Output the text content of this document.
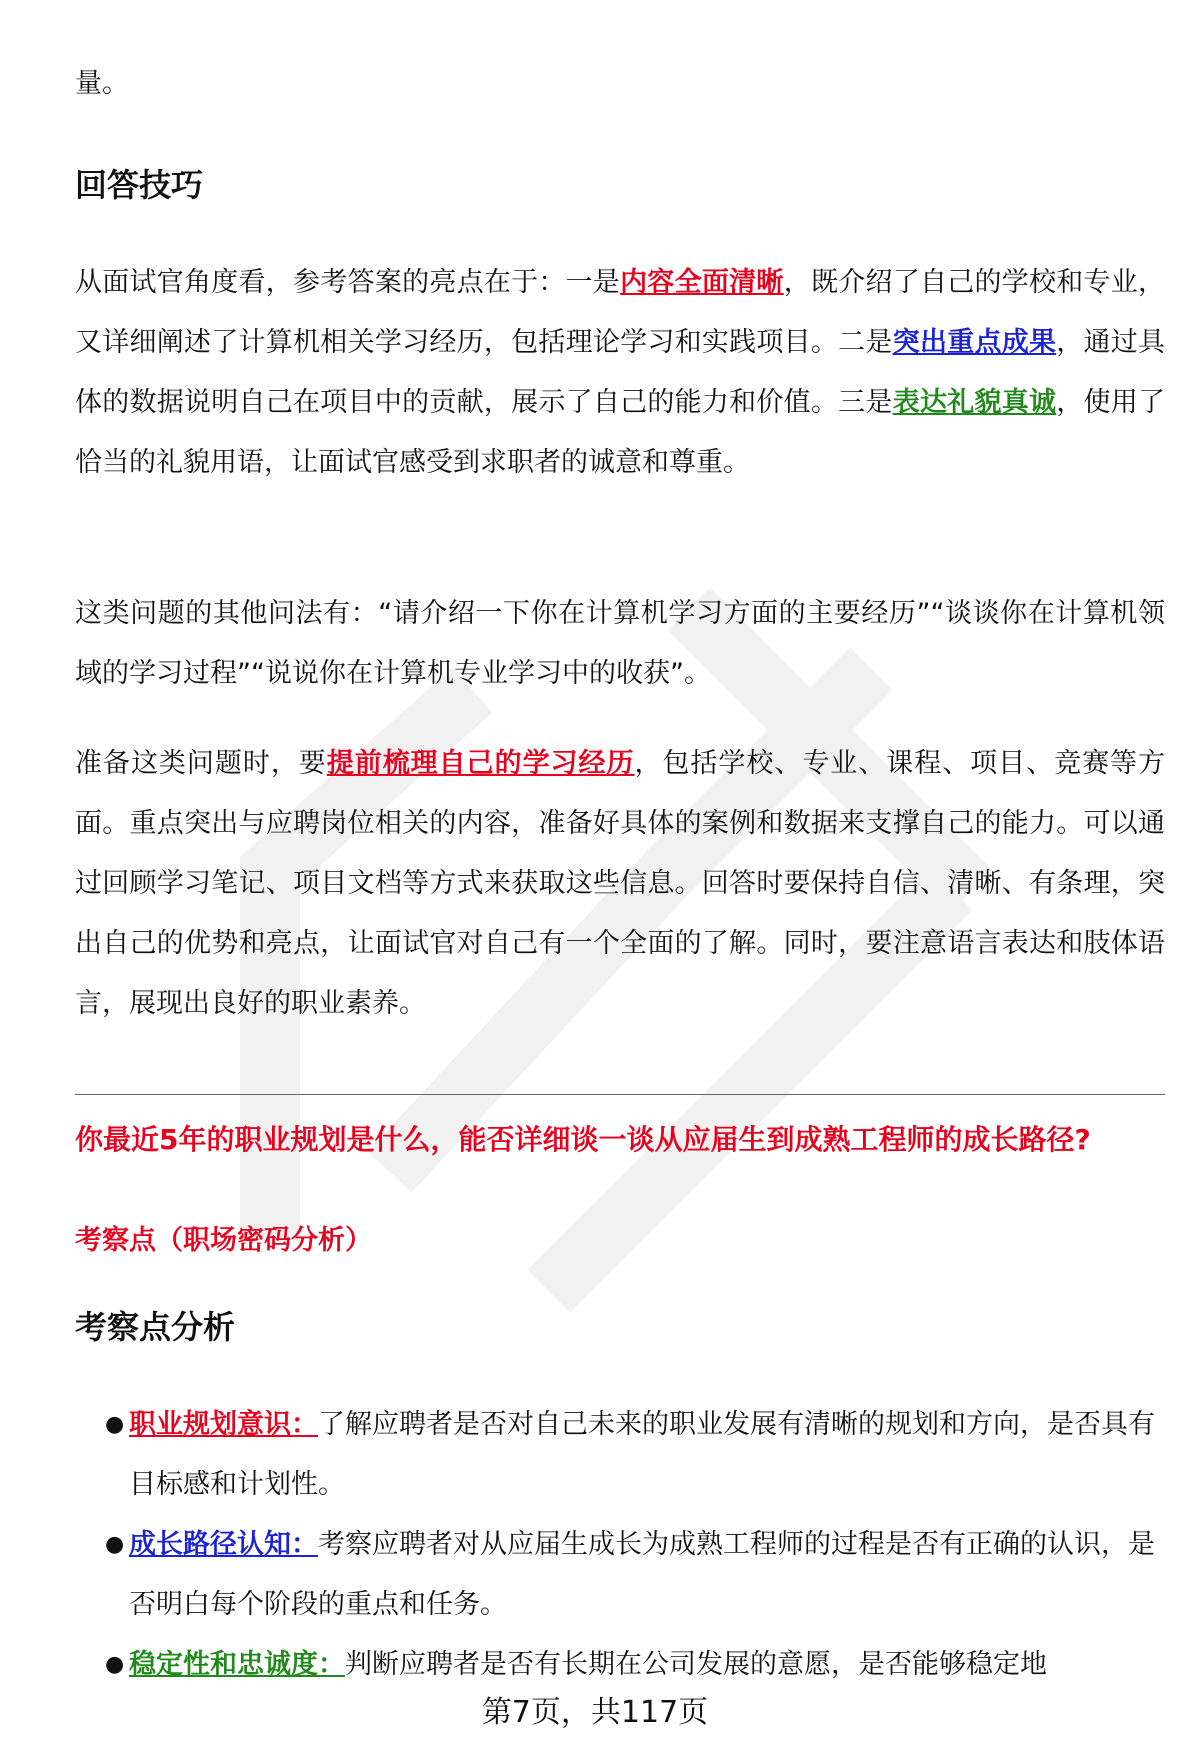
量。

回答技巧

从面试官角度看，参考答案的亮点在于：一是内容全面清晰，既介绍了自己的学校和专业，又详细阐述了计算机相关学习经历，包括理论学习和实践项目。二是突出重点成果，通过具体的数据说明自己在项目中的贡献，展示了自己的能力和价值。三是表达礼貌真诚，使用了恰当的礼貌用语，让面试官感受到求职者的诚意和尊重。

这类问题的其他问法有：“请介绍一下你在计算机学习方面的主要经历”“谈谈你在计算机领域的学习过程”“说说你在计算机专业学习中的收获”。

准备这类问题时，要提前梳理自己的学习经历，包括学校、专业、课程、项目、竞赛等方面。重点突出与应聘岗位相关的内容，准备好具体的案例和数据来支撑自己的能力。可以通过回顾学习笔记、项目文档等方式来获取这些信息。回答时要保持自信、清晰、有条理，突出自己的优势和亮点，让面试官对自己有一个全面的了解。同时，要注意语言表达和肢体语言，展现出良好的职业素养。

你最近5年的职业规划是什么，能否详细谈一谈从应届生到成熟工程师的成长路径?

考察点（职场密码分析）

考察点分析
● 职业规划意识：了解应聘者是否对自己未来的职业发展有清晰的规划和方向，是否具有目标感和计划性。
● 成长路径认知：考察应聘者对从应届生成长为成熟工程师的过程是否有正确的认识，是否明白每个阶段的重点和任务。
● 稳定性和忠诚度：判断应聘者是否有长期在公司发展的意愿，是否能够稳定地
第7页，共117页
